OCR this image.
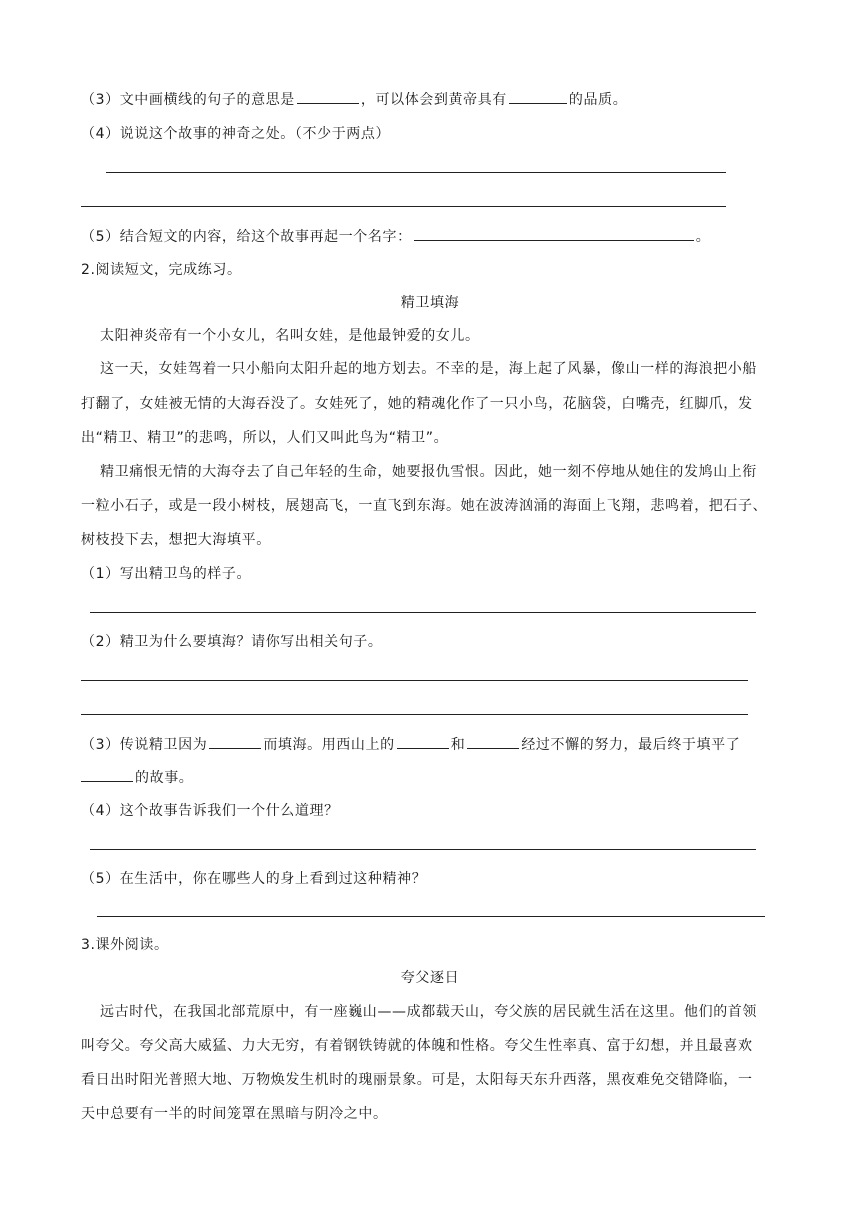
（3）文中画横线的句子的意思是	，可以体会到黄帝具有	的品质。
（4）说说这个故事的神奇之处。（不少于两点）
（5）结合短文的内容，给这个故事再起一个名字：	。
2.阅读短文，完成练习。
精卫填海
太阳神炎帝有一个小女儿，名叫女娃，是他最钟爱的女儿。
这一天，女娃驾着一只小船向太阳升起的地方划去。不幸的是，海上起了风暴，像山一样的海浪把小船
打翻了，女娃被无情的大海吞没了。女娃死了，她的精魂化作了一只小鸟，花脑袋，白嘴壳，红脚爪，发
出“精卫、精卫”的悲鸣，所以，人们又叫此鸟为“精卫”。
精卫痛恨无情的大海夺去了自己年轻的生命，她要报仇雪恨。因此，她一刻不停地从她住的发鸠山上衔
一粒小石子，或是一段小树枝，展翅高飞，一直飞到东海。她在波涛汹涌的海面上飞翔，悲鸣着，把石子、
树枝投下去，想把大海填平。
（1）写出精卫鸟的样子。
（2）精卫为什么要填海？请你写出相关句子。
（3）传说精卫因为	而填海。用西山上的	和	经过不懈的努力，最后终于填平了
的故事。
（4）这个故事告诉我们一个什么道理？
（5）在生活中，你在哪些人的身上看到过这种精神？
3.课外阅读。
夸父逐日
远古时代，在我国北部荒原中，有一座巍山——成都载天山，夸父族的居民就生活在这里。他们的首领
叫夸父。夸父高大威猛、力大无穷，有着钢铁铸就的体魄和性格。夸父生性率真、富于幻想，并且最喜欢
看日出时阳光普照大地、万物焕发生机时的瑰丽景象。可是，太阳每天东升西落，黑夜难免交错降临，一
天中总要有一半的时间笼罩在黑暗与阴冷之中。
